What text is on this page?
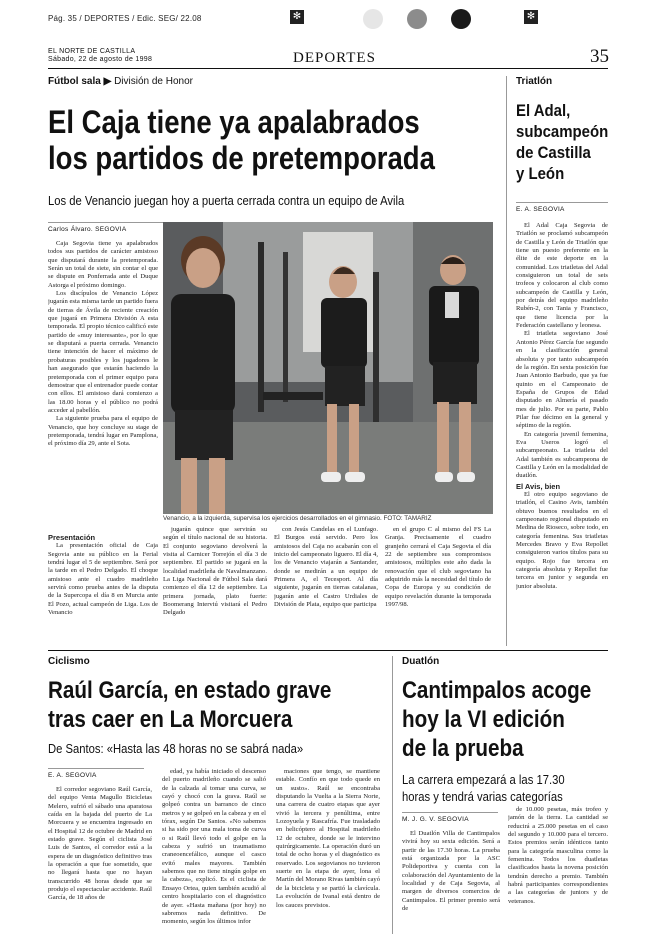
Pág. 35 / DEPORTES / Edic. SEG/ 22.08	✻	✻
EL NORTE DE CASTILLA
Sábado, 22 de agosto de 1998	DEPORTES	35
Fútbol sala ▶ División de Honor
El Caja tiene ya apalabrados
los partidos de pretemporada
Los de Venancio juegan hoy a puerta cerrada contra un equipo de Avila
Carlos Álvaro. SEGOVIA

Caja Segovia tiene ya apalabrados todos sus partidos de carácter amistoso que disputará durante la pretemporada. Serán un total de siete, sin contar el que se dispute en Ponferrada ante el Duque Astorga el próximo domingo.

Los discípulos de Venancio López jugarán esta misma tarde un partido fuera de tierras de Ávila de reciente creación que jugará en Primera División A esta temporada. El propio técnico calificó este partido de «muy interesante», por lo que se disputará a puerta cerrada. Venancio tiene intención de hacer el máximo de probaturas posibles y los jugadores le han asegurado que estarán haciendo la pretemporada con el primer equipo para demostrar que el entrenador puede contar con ellos. El amistoso dará comienzo a las 18.00 horas y el público no podrá acceder al pabellón.

La siguiente prueba para el equipo de Venancio, que hoy concluye su stage de pretemporada, tendrá lugar en Pamplona, el próximo día 29, ante el Sota.

Venancio, a la izquierda, supervisa los ejercicios desarrollados en el gimnasio. FOTO: TAMARIZ

Presentación

La presentación oficial de Caja Segovia ante su público en la Ferial tendrá lugar el 5 de septiembre. Será por la tarde en el Pedro Delgado. El choque amistoso ante el cuadro madrileño servirá como prueba antes de la disputa de la Supercopa el día 8 en Murcia ante El Pozo, actual campeón de Liga. Los de Venancio

jugarán quince que servirán su según el título nacional de su historia. El conjunto segoviano devolverá la visita al Carnicer Torrejón el día 3 de septiembre. El partido se jugará en la localidad madrileña de Navalmanzano. La Liga Nacional de Fútbol Sala dará comienzo el día 12 de septiembre. La primera jornada, plato fuerte: Boomerang Interviú visitará el Pedro Delgado

con Jesús Candelas en el Lunfago. El Burgos está servido. Pero los amistosos del Caja no acabarán con el inicio del campeonato liguero. El día 4, los de Venancio viajarán a Santander, donde se medirán a un equipo de Primera A, el Tecesport. Al día siguiente, jugarán en tierras catalanas, jugarán ante el Castro Urdiales de División de Plata, equipo que participa

en el grupo C al mismo del FS La Granja. Precisamente el cuadro granjeño cerrará el Caja Segovia el día 22 de septiembre sus compromisos amistosos, múltiples este año dada la renovación que el club segoviano ha adquirido más la necesidad del título de Copa de Europa y su condición de equipo revelación durante la temporada 1997/98.

Triatlón
El Adal,
subcampeón
de Castilla
y León
E. A. SEGOVIA

El Adal Caja Segovia de Triatlón se proclamó subcampeón de Castilla y León de Triatlón que tiene un puesto preferente en la élite de este deporte en la comunidad. Los triatletas del Adal consiguieron un total de seis trofeos y colocaron al club como subcampeón de Castilla y León, por detrás del equipo madrileño Rubén-2, con Tania y Francisco, que tiene licencia por la Federación castellano y leonesa.

El triatleta segoviano José Antonio Pérez García fue segundo en la clasificación general absoluta y por tanto subcampeón de la región. En sexta posición fue Juan Antonio Barbudo, que ya fue quinto en el Campeonato de España de Grupos de Edad disputado en Almería el pasado mes de julio. Por su parte, Pablo Pilar fue décimo en la general y séptimo de la región.

En categoría juvenil femenina, Eva Useros logró el subcampeonato. La triatleta del Adal también es subcampeona de Castilla y León en la modalidad de duatlón.

El Avis, bien

El otro equipo segoviano de triatlón, el Casino Avis, también obtuvo buenos resultados en el campeonato regional disputado en Medina de Rioseco, sobre todo, en categoría femenina. Sus triatletas Mercedes Bravo y Eva Repollet consiguieron varios títulos para su equipo. Rojo fue tercera en categoría absoluta y Repollet fue tercera en junior y segunda en junior absoluta.

Ciclismo
Raúl García, en estado grave
tras caer en La Morcuera
De Santos: «Hasta las 48 horas no se sabrá nada»
E. A. SEGOVIA

El corredor segoviano Raúl García, del equipo Venta Magullo Bicicletas Melero, sufrió el sábado una aparatosa caída en la bajada del puerto de La Morcuera y se encuentra ingresado en el Hospital 12 de octubre de Madrid en estado grave. Según el ciclista José Luis de Santos, el corredor está a la espera de un diagnóstico definitivo tras la operación a que fue sometido, que no llegará hasta que no hayan transcurrido 48 horas desde que se produjo el espectacular accidente. Raúl García, de 18 años de

edad, ya había iniciado el descenso del puerto madrileño cuando se salió de la calzada al tomar una curva, se cayó y chocó con la grava. Raúl se golpeó contra un barranco de cinco metros y se golpeó en la cabeza y en el tórax, según De Santos. «No sabemos si ha sido por una mala toma de curva o si Raúl llevó todo el golpe en la cabeza y sufrió un traumatismo craneoencefálico, aunque el casco evitó males mayores. También sabemos que no tiene ningún golpe en la cabeza», explicó. Es el ciclista de Ensayo Ortea, quien también acudió al centro hospitalario con el diagnóstico de ayer. «Hasta mañana (por hoy) no sabremos nada definitivo. De momento, según los últimos infor

maciones que tengo, se mantiene estable. Confío en que todo quede en un susto». Raúl se encontraba disputando la Vuelta a la Sierra Norte, una carrera de cuatro etapas que ayer vivió la tercera y penúltima, entre Lozoyuela y Rascafría. Fue trasladado en helicóptero al Hospital madrileño 12 de octubre, donde se le intervino quirúrgicamente. La operación duró un total de ocho horas y el diagnóstico es reservado. Los segovianos no tuvieron suerte en la etapa de ayer, lona el Martín del Morano Rivas también cayó de la bicicleta y se partió la clavícula. La evolución de Ivanal está dentro de los cauces previstos.

Duatlón
Cantimpalos acoge
hoy la VI edición
de la prueba
La carrera empezará a las 17.30
horas y tendrá varias categorías
M. J. G. V. SEGOVIA

El Duatlón Villa de Cantimpalos vivirá hoy su sexta edición. Será a partir de las 17.30 horas. La prueba está organizada por la ASC Polideportiva y cuenta con la colaboración del Ayuntamiento de la localidad y de Caja Segovia, al margen de diversos comercios de Cantimpalos. El primer premio será de

de 10.000 pesetas, más trofeo y jamón de la tierra. La cantidad se reducirá a 25.000 pesetas en el caso del segundo y 10.000 para el tercero. Estos premios serán idénticos tanto para la categoría masculina como la femenina. Todos los duatletas clasificados hasta la novena posición tendrán derecho a premio. También habrá participantes correspondientes a las categorías de juniors y de veteranos.
